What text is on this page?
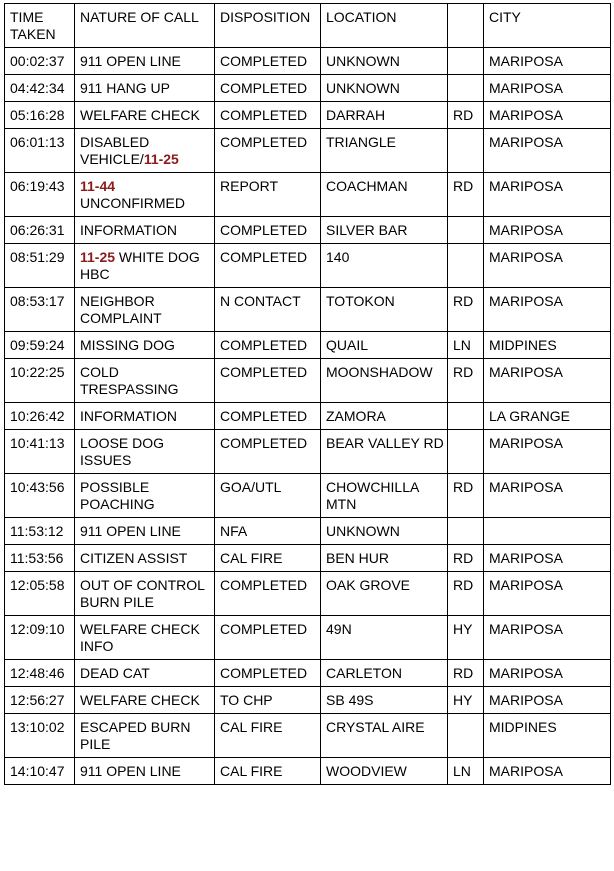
TIME TAKEN	NATURE OF CALL	DISPOSITION	LOCATION		CITY
00:02:37	911 OPEN LINE	COMPLETED	UNKNOWN		MARIPOSA
04:42:34	911 HANG UP	COMPLETED	UNKNOWN		MARIPOSA
05:16:28	WELFARE CHECK	COMPLETED	DARRAH	RD	MARIPOSA
06:01:13	DISABLED VEHICLE/11-25	COMPLETED	TRIANGLE		MARIPOSA
06:19:43	11-44 UNCONFIRMED	REPORT	COACHMAN	RD	MARIPOSA
06:26:31	INFORMATION	COMPLETED	SILVER BAR		MARIPOSA
08:51:29	11-25 WHITE DOG HBC	COMPLETED	140		MARIPOSA
08:53:17	NEIGHBOR COMPLAINT	N CONTACT	TOTOKON	RD	MARIPOSA
09:59:24	MISSING DOG	COMPLETED	QUAIL	LN	MIDPINES
10:22:25	COLD TRESPASSING	COMPLETED	MOONSHADOW	RD	MARIPOSA
10:26:42	INFORMATION	COMPLETED	ZAMORA		LA GRANGE
10:41:13	LOOSE DOG ISSUES	COMPLETED	BEAR VALLEY RD		MARIPOSA
10:43:56	POSSIBLE POACHING	GOA/UTL	CHOWCHILLA MTN	RD	MARIPOSA
11:53:12	911 OPEN LINE	NFA	UNKNOWN		
11:53:56	CITIZEN ASSIST	CAL FIRE	BEN HUR	RD	MARIPOSA
12:05:58	OUT OF CONTROL BURN PILE	COMPLETED	OAK GROVE	RD	MARIPOSA
12:09:10	WELFARE CHECK INFO	COMPLETED	49N	HY	MARIPOSA
12:48:46	DEAD CAT	COMPLETED	CARLETON	RD	MARIPOSA
12:56:27	WELFARE CHECK	TO CHP	SB 49S	HY	MARIPOSA
13:10:02	ESCAPED BURN PILE	CAL FIRE	CRYSTAL AIRE		MIDPINES
14:10:47	911 OPEN LINE	CAL FIRE	WOODVIEW	LN	MARIPOSA
